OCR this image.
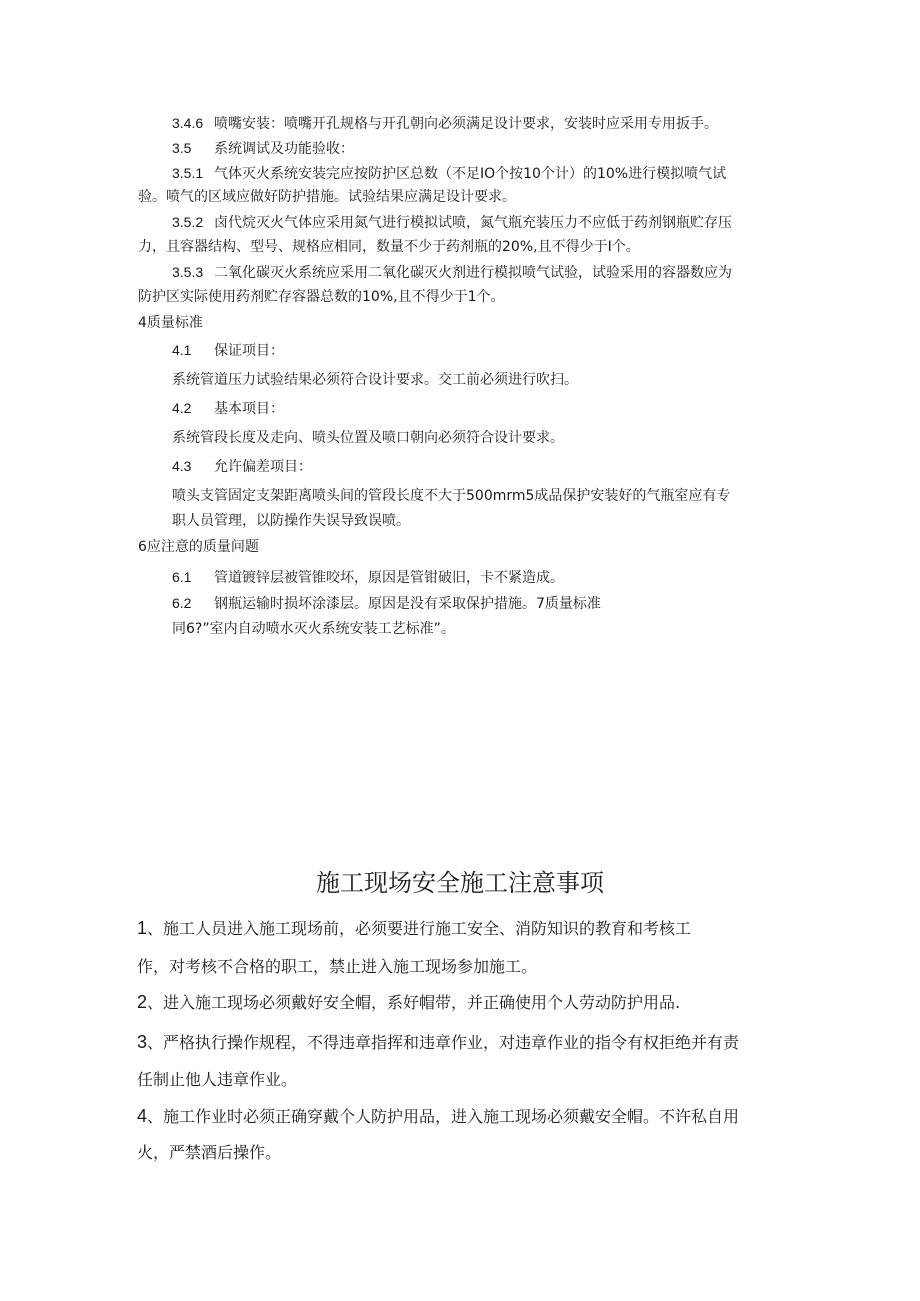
3.4.6 喷嘴安装：喷嘴开孔规格与开孔朝向必须满足设计要求，安装时应采用专用扳手。
3.5 系统调试及功能验收：
3.5.1 气体灭火系统安装完应按防护区总数（不足IO个按10个计）的10%进行模拟喷气试
验。喷气的区域应做好防护措施。试验结果应满足设计要求。
3.5.2 卤代烷灭火气体应采用氮气进行模拟试喷，氮气瓶充装压力不应低于药剂钢瓶贮存压
力，且容器结构、型号、规格应相同，数量不少于药剂瓶的20%,且不得少于I个。
3.5.3 二氧化碳灭火系统应采用二氧化碳灭火剂进行模拟喷气试验，试验采用的容器数应为
防护区实际使用药剂贮存容器总数的10%,且不得少于1个。
4质量标准
4.1 保证项目：
系统管道压力试验结果必须符合设计要求。交工前必须进行吹扫。
4.2 基本项目：
系统管段长度及走向、喷头位置及喷口朝向必须符合设计要求。
4.3 允许偏差项目：
喷头支管固定支架距离喷头间的管段长度不大于500mrm5成品保护安装好的气瓶室应有专
职人员管理，以防操作失误导致误喷。
6应注意的质量问题
6.1 管道镀锌层被管锥咬坏，原因是管钳破旧，卡不紧造成。
6.2 钢瓶运输时损坏涂漆层。原因是没有采取保护措施。7质量标准
同6?”室内自动喷水灭火系统安装工艺标准”。
施工现场安全施工注意事项
1、施工人员进入施工现场前，必须要进行施工安全、消防知识的教育和考核工
作，对考核不合格的职工，禁止进入施工现场参加施工。
2、进入施工现场必须戴好安全帽，系好帽带，并正确使用个人劳动防护用品.
3、严格执行操作规程，不得违章指挥和违章作业，对违章作业的指令有权拒绝并有责
任制止他人违章作业。
4、施工作业时必须正确穿戴个人防护用品，进入施工现场必须戴安全帽。不许私自用
火，严禁酒后操作。
